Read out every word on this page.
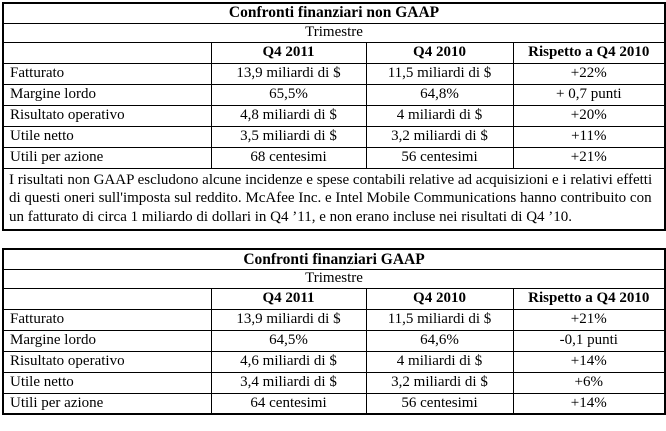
Confronti finanziari non GAAP			
Trimestre			
	Q4 2011	Q4 2010	Rispetto a Q4 2010
Fatturato	13,9 miliardi di $	11,5 miliardi di $	+22%
Margine lordo	65,5%	64,8%	+ 0,7 punti
Risultato operativo	4,8 miliardi di $	4 miliardi di $	+20%
Utile netto	3,5 miliardi di $	3,2 miliardi di $	+11%
Utili per azione	68 centesimi	56 centesimi	+21%
I risultati non GAAP escludono alcune incidenze e spese contabili relative ad acquisizioni e i relativi effetti di questi oneri sull'imposta sul reddito. McAfee Inc. e Intel Mobile Communications hanno contribuito con un fatturato di circa 1 miliardo di dollari in Q4 ’11, e non erano incluse nei risultati di Q4 ’10.			
Confronti finanziari GAAP			
Trimestre			
	Q4 2011	Q4 2010	Rispetto a Q4 2010
Fatturato	13,9 miliardi di $	11,5 miliardi di $	+21%
Margine lordo	64,5%	64,6%	-0,1 punti
Risultato operativo	4,6 miliardi di $	4 miliardi di $	+14%
Utile netto	3,4 miliardi di $	3,2 miliardi di $	+6%
Utili per azione	64 centesimi	56 centesimi	+14%
